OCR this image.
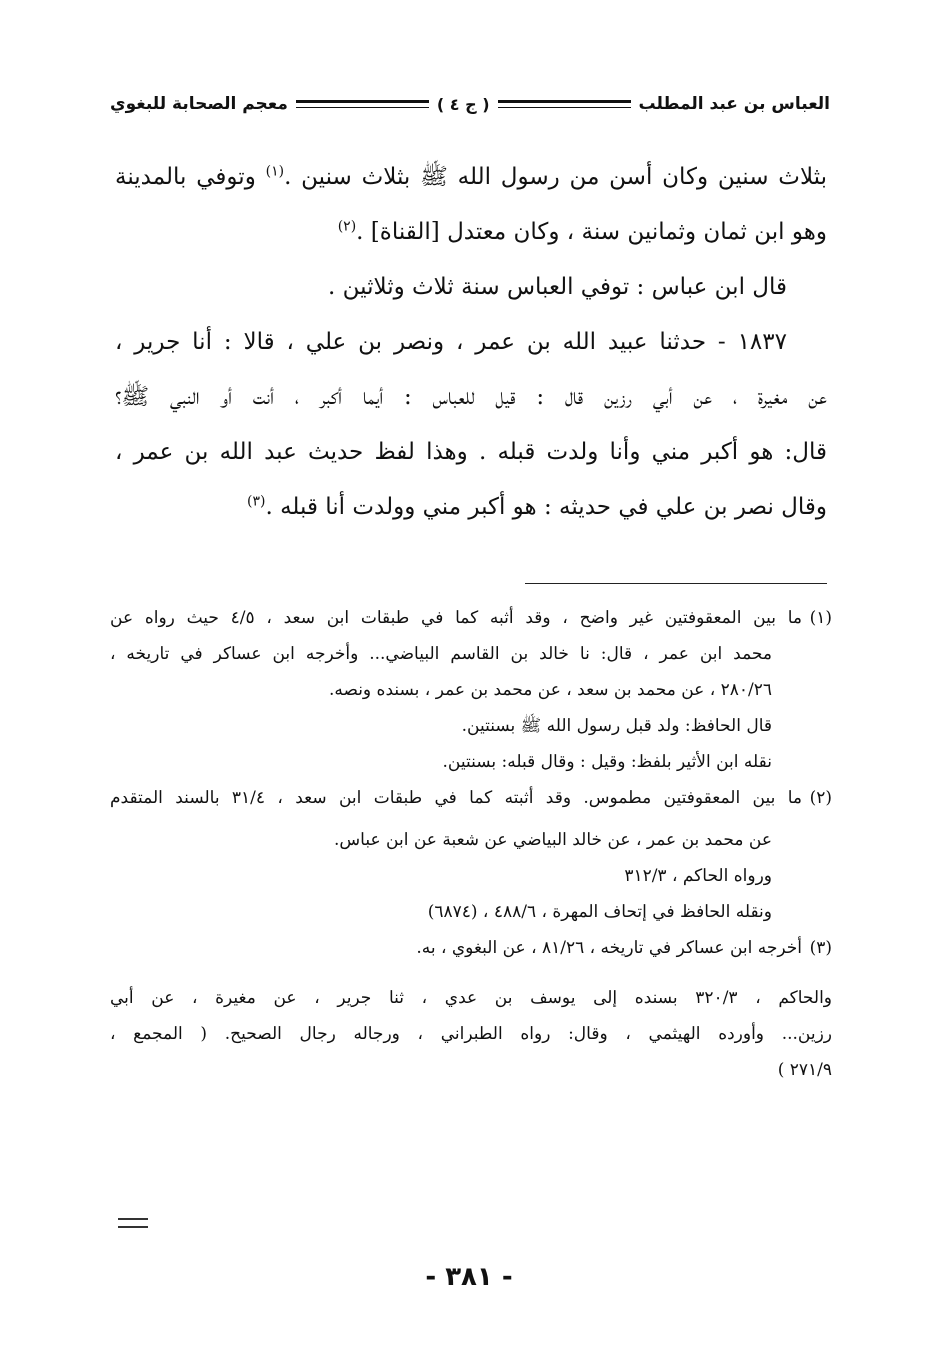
العباس بن عبد المطلب
( ج ٤ )
معجم الصحابة للبغوي
بثلاث سنين وكان أسن من رسول الله ﷺ بثلاث سنين .$^{(١)}$ وتوفي بالمدينة
وهو ابن ثمان وثمانين سنة ، وكان معتدل [القناة] .$^{(٢)}$
قال ابن عباس : توفي العباس سنة ثلاث وثلاثين .
١٨٣٧ - حدثنا عبيد الله بن عمر ، ونصر بن علي ، قالا : أنا جرير ،
عن مغيرة ، عن أبي رزين قال : قيل للعباس : أيما أكبر ، أنت أو النبي ﷺ؟
قال: هو أكبر مني وأنا ولدت قبله . وهذا لفظ حديث عبد الله بن عمر ،
وقال نصر بن علي في حديثه : هو أكبر مني وولدت أنا قبله .$^{(٣)}$
(١)ما بين المعقوفتين غير واضح ، وقد أثبه كما في طبقات ابن سعد ، ٤/٥ حيث رواه عن
محمد ابن عمر ، قال: نا خالد بن القاسم البياضي... وأخرجه ابن عساكر في تاريخه ،
٢٨٠/٢٦ ، عن محمد بن سعد ، عن محمد بن عمر ، بسنده ونصه.
قال الحافظ: ولد قبل رسول الله ﷺ بسنتين.
نقله ابن الأثير بلفظ: وقيل : وقال قبله: بسنتين.
(٢)ما بين المعقوفتين مطموس. وقد أثبته كما في طبقات ابن سعد ، ٣١/٤ بالسند المتقدم
عن محمد بن عمر ، عن خالد البياضي عن شعبة عن ابن عباس.
ورواه الحاكم ، ٣١٢/٣
ونقله الحافظ في إتحاف المهرة ، ٤٨٨/٦ ، (٦٨٧٤)
(٣)أخرجه ابن عساكر في تاريخه ، ٨١/٢٦ ، عن البغوي ، به.
والحاكم ، ٣٢٠/٣ بسنده إلى يوسف بن عدي ، ثنا جرير ، عن مغيرة ، عن أبي
رزين... وأورده الهيثمي ، وقال: رواه الطبراني ، ورجاله رجال الصحيح. ( المجمع ،
٢٧١/٩ )
- ٣٨١ -
